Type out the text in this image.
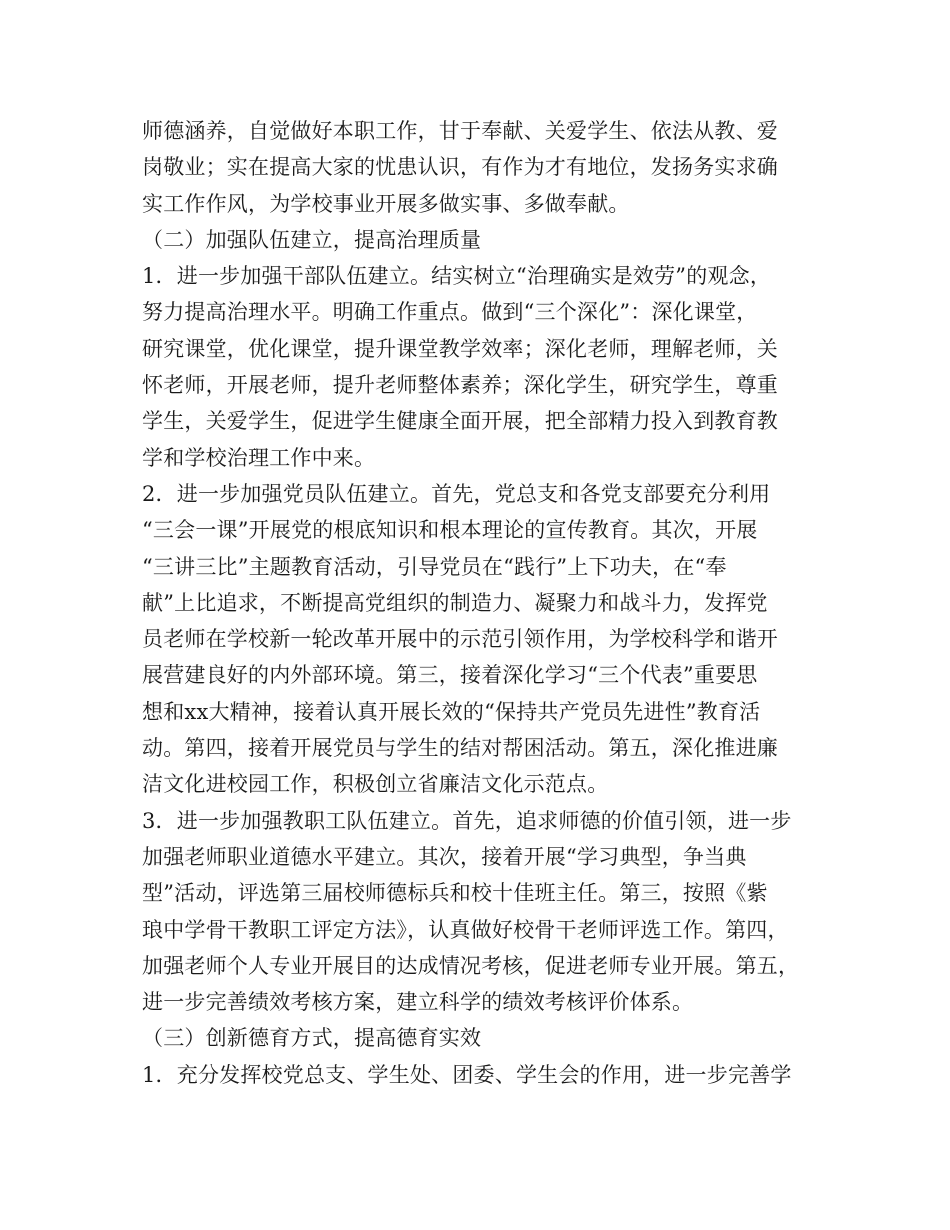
师德涵养，自觉做好本职工作，甘于奉献、关爱学生、依法从教、爱
岗敬业；实在提高大家的忧患认识，有作为才有地位，发扬务实求确
实工作作风，为学校事业开展多做实事、多做奉献。
（二）加强队伍建立，提高治理质量
1．进一步加强干部队伍建立。结实树立“治理确实是效劳”的观念，
努力提高治理水平。明确工作重点。做到“三个深化”：深化课堂，
研究课堂，优化课堂，提升课堂教学效率；深化老师，理解老师，关
怀老师，开展老师，提升老师整体素养；深化学生，研究学生，尊重
学生，关爱学生，促进学生健康全面开展，把全部精力投入到教育教
学和学校治理工作中来。
2．进一步加强党员队伍建立。首先，党总支和各党支部要充分利用
“三会一课”开展党的根底知识和根本理论的宣传教育。其次，开展
“三讲三比”主题教育活动，引导党员在“践行”上下功夫，在“奉
献”上比追求，不断提高党组织的制造力、凝聚力和战斗力，发挥党
员老师在学校新一轮改革开展中的示范引领作用，为学校科学和谐开
展营建良好的内外部环境。第三，接着深化学习“三个代表”重要思
想和xx大精神，接着认真开展长效的“保持共产党员先进性”教育活
动。第四，接着开展党员与学生的结对帮困活动。第五，深化推进廉
洁文化进校园工作，积极创立省廉洁文化示范点。
3．进一步加强教职工队伍建立。首先，追求师德的价值引领，进一步
加强老师职业道德水平建立。其次，接着开展“学习典型，争当典
型”活动，评选第三届校师德标兵和校十佳班主任。第三，按照《紫
琅中学骨干教职工评定方法》，认真做好校骨干老师评选工作。第四，
加强老师个人专业开展目的达成情况考核，促进老师专业开展。第五，
进一步完善绩效考核方案，建立科学的绩效考核评价体系。
（三）创新德育方式，提高德育实效
1．充分发挥校党总支、学生处、团委、学生会的作用，进一步完善学
